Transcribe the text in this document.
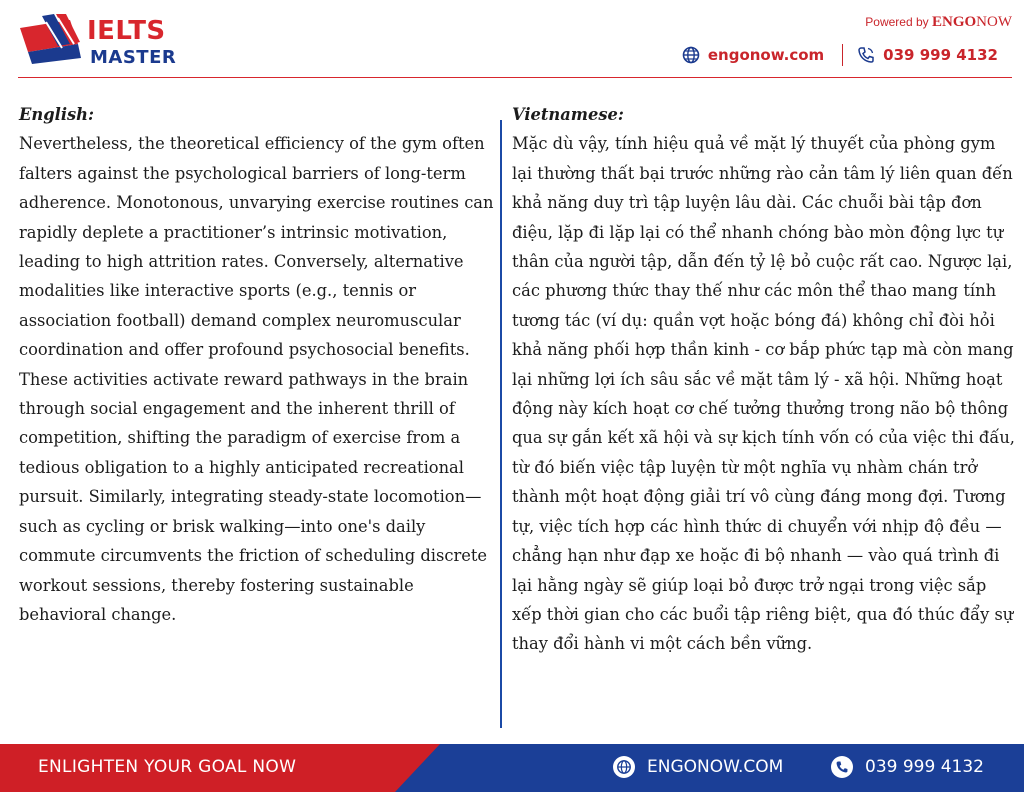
IELTS
MASTER
Powered by ENGONOW
engonow.com	039 999 4132
English:
Nevertheless, the theoretical efficiency of the gym often falters against the psychological barriers of long-term adherence. Monotonous, unvarying exercise routines can rapidly deplete a practitioner’s intrinsic motivation, leading to high attrition rates. Conversely, alternative modalities like interactive sports (e.g., tennis or association football) demand complex neuromuscular coordination and offer profound psychosocial benefits. These activities activate reward pathways in the brain through social engagement and the inherent thrill of competition, shifting the paradigm of exercise from a tedious obligation to a highly anticipated recreational pursuit. Similarly, integrating steady-state locomotion—such as cycling or brisk walking—into one's daily commute circumvents the friction of scheduling discrete workout sessions, thereby fostering sustainable behavioral change.
Vietnamese:
Mặc dù vậy, tính hiệu quả về mặt lý thuyết của phòng gym lại thường thất bại trước những rào cản tâm lý liên quan đến khả năng duy trì tập luyện lâu dài. Các chuỗi bài tập đơn điệu, lặp đi lặp lại có thể nhanh chóng bào mòn động lực tự thân của người tập, dẫn đến tỷ lệ bỏ cuộc rất cao. Ngược lại, các phương thức thay thế như các môn thể thao mang tính tương tác (ví dụ: quần vợt hoặc bóng đá) không chỉ đòi hỏi khả năng phối hợp thần kinh - cơ bắp phức tạp mà còn mang lại những lợi ích sâu sắc về mặt tâm lý - xã hội. Những hoạt động này kích hoạt cơ chế tưởng thưởng trong não bộ thông qua sự gắn kết xã hội và sự kịch tính vốn có của việc thi đấu, từ đó biến việc tập luyện từ một nghĩa vụ nhàm chán trở thành một hoạt động giải trí vô cùng đáng mong đợi. Tương tự, việc tích hợp các hình thức di chuyển với nhịp độ đều — chẳng hạn như đạp xe hoặc đi bộ nhanh — vào quá trình đi lại hằng ngày sẽ giúp loại bỏ được trở ngại trong việc sắp xếp thời gian cho các buổi tập riêng biệt, qua đó thúc đẩy sự thay đổi hành vi một cách bền vững.
ENLIGHTEN YOUR GOAL NOW	ENGONOW.COM	039 999 4132
